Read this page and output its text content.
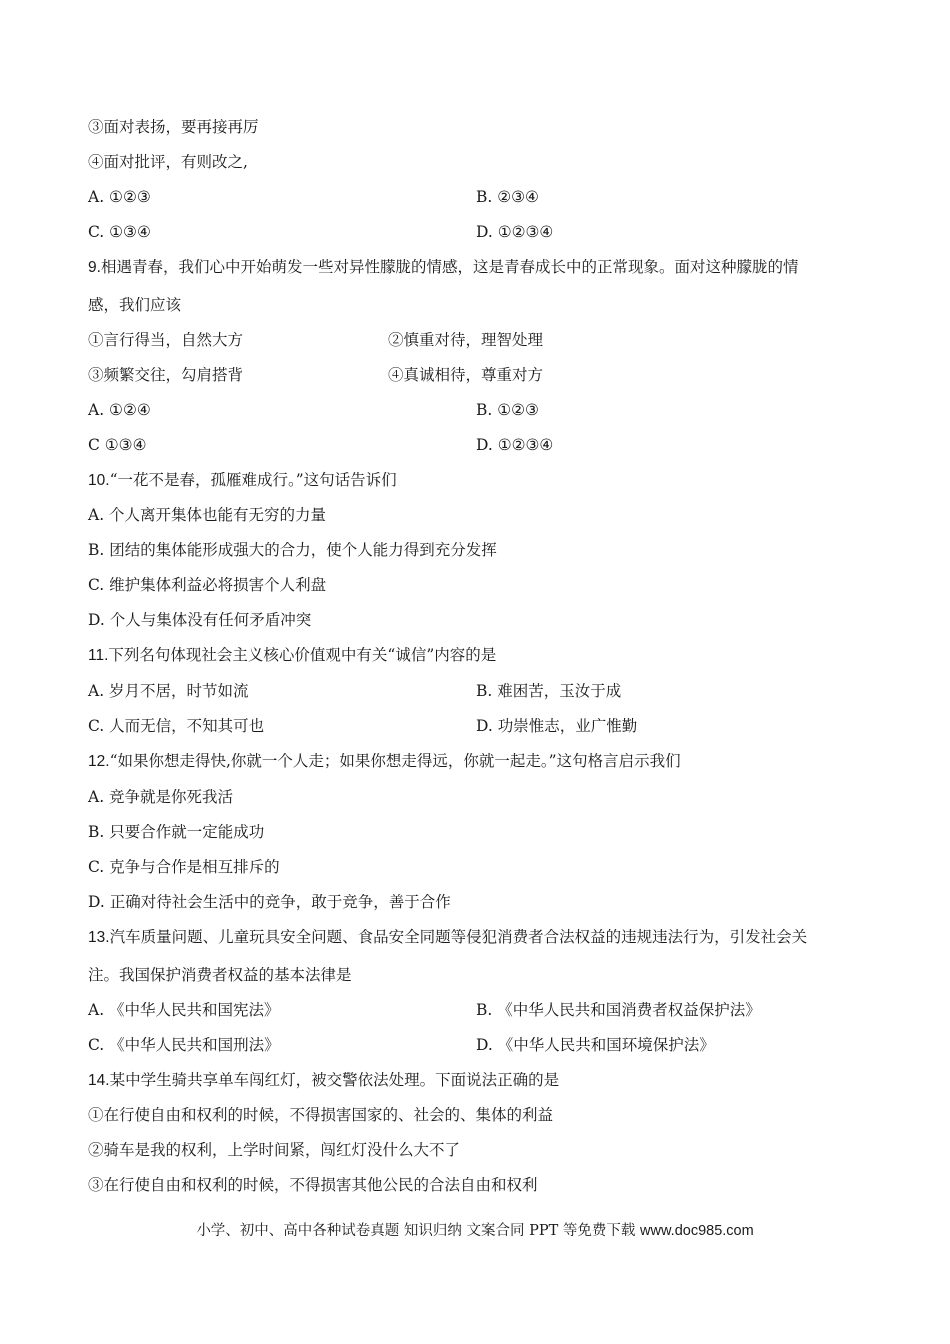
③面对表扬，要再接再厉
④面对批评，有则改之,
A. ①②③	B. ②③④
C. ①③④	D. ①②③④
9.相遇青春，我们心中开始萌发一些对异性朦胧的情感，这是青春成长中的正常现象。面对这种朦胧的情
感，我们应该
①言行得当，自然大方	②慎重对待，理智处理
③频繁交往，勾肩搭背	④真诚相待，尊重对方
A. ①②④	B. ①②③
C ①③④	D. ①②③④
10.“一花不是春，孤雁难成行。”这句话告诉们
A. 个人离开集体也能有无穷的力量
B. 团结的集体能形成强大的合力，使个人能力得到充分发挥
C. 维护集体利益必将损害个人利盘
D. 个人与集体没有任何矛盾冲突
11.下列名句体现社会主义核心价值观中有关“诚信”内容的是
A. 岁月不居，时节如流	B. 难困苦，玉汝于成
C. 人而无信，不知其可也	D. 功崇惟志，业广惟勤
12.“如果你想走得快,你就一个人走；如果你想走得远，你就一起走。”这句格言启示我们
A. 竞争就是你死我活
B. 只要合作就一定能成功
C. 克争与合作是相互排斥的
D. 正确对待社会生活中的竞争，敢于竞争，善于合作
13.汽车质量问题、儿童玩具安全问题、食品安全同题等侵犯消费者合法权益的违规违法行为，引发社会关
注。我国保护消费者权益的基本法律是
A. 《中华人民共和国宪法》	B. 《中华人民共和国消费者权益保护法》
C. 《中华人民共和国刑法》	D. 《中华人民共和国环境保护法》
14.某中学生骑共享单车闯红灯，被交警依法处理。下面说法正确的是
①在行使自由和权利的时候，不得损害国家的、社会的、集体的利益
②骑车是我的权利，上学时间紧，闯红灯没什么大不了
③在行使自由和权利的时候，不得损害其他公民的合法自由和权利
小学、初中、高中各种试卷真题 知识归纳 文案合同 PPT 等免费下载 www.doc985.com
